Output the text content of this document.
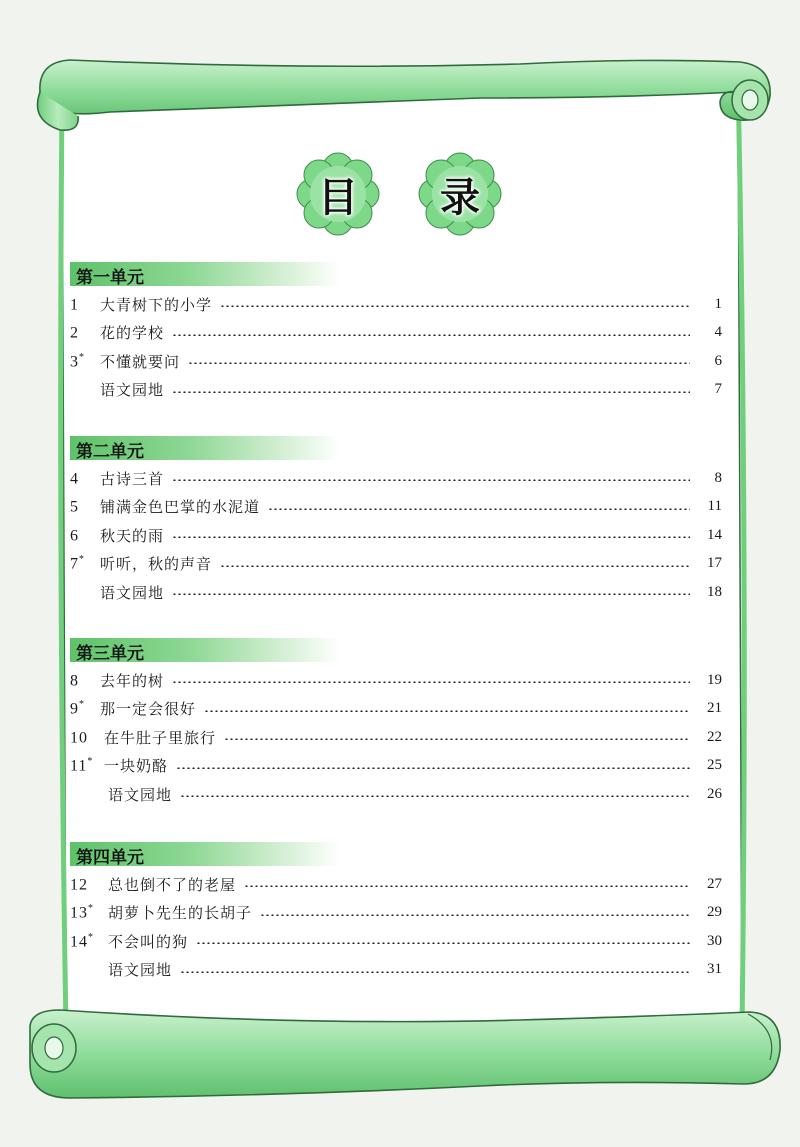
目 录
第一单元
1	大青树下的小学	1
2	花的学校	4
3*	不懂就要问	6
语文园地	7
第二单元
4	古诗三首	8
5	铺满金色巴掌的水泥道	11
6	秋天的雨	14
7*	听听，秋的声音	17
语文园地	18
第三单元
8	去年的树	19
9*	那一定会很好	21
10	在牛肚子里旅行	22
11* 一块奶酪	25
语文园地	26
第四单元
12	总也倒不了的老屋	27
13* 胡萝卜先生的长胡子	29
14* 不会叫的狗	30
语文园地	31
